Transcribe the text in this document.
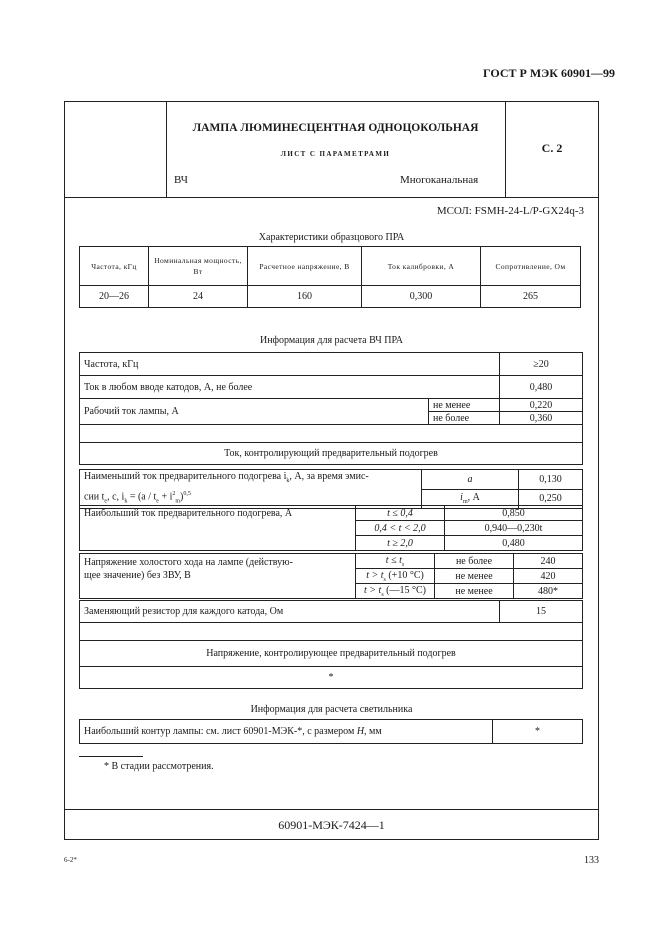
ГОСТ Р МЭК 60901—99
ЛАМПА ЛЮМИНЕСЦЕНТНАЯ ОДНОЦОКОЛЬНАЯ
ЛИСТ С ПАРАМЕТРАМИ
ВЧ	Многоканальная
С. 2
МСОЛ: FSMH-24-L/P-GX24q-3
Характеристики образцового ПРА
Частота, кГц	Номинальная мощность, Вт	Расчетное напряжение, В	Ток калибровки, А	Сопротивление, Ом
20—26	24	160	0,300	265
Информация для расчета ВЧ ПРА
Частота, кГц		≥20
Ток в любом вводе катодов, А, не более		0,480
Рабочий ток лампы, А	не менее	0,220
	не более	0,360

Ток, контролирующий предварительный подогрев		
Наименьший ток предварительного подогрева $i_k$, А, за время эмис-
сии $t_e$, с, $i_k = (a / t_e + i^2_m)^{0,5}$	a	0,130
	$i_m$, А	0,250
Наибольший ток предварительного подогрева, А	t ≤ 0,4	0,850
	0,4 < t < 2,0	0,940—0,230t
	t ≥ 2,0	0,480
Напряжение холостого хода на лампе (действую-
щее значение) без ЗВУ, В	$t \le t_s$	не более	240
	$t > t_s$ (+10 °C)	не менее	420
	$t > t_s$ (—15 °C)	не менее	480*
Заменяющий резистор для каждого катода, Ом	15

Напряжение, контролирующее предварительный подогрев
*
Информация для расчета светильника
Наибольший контур лампы: см. лист 60901-МЭК-*, с размером H, мм	*
* В стадии рассмотрения.
60901-МЭК-7424—1
6-2*	133
